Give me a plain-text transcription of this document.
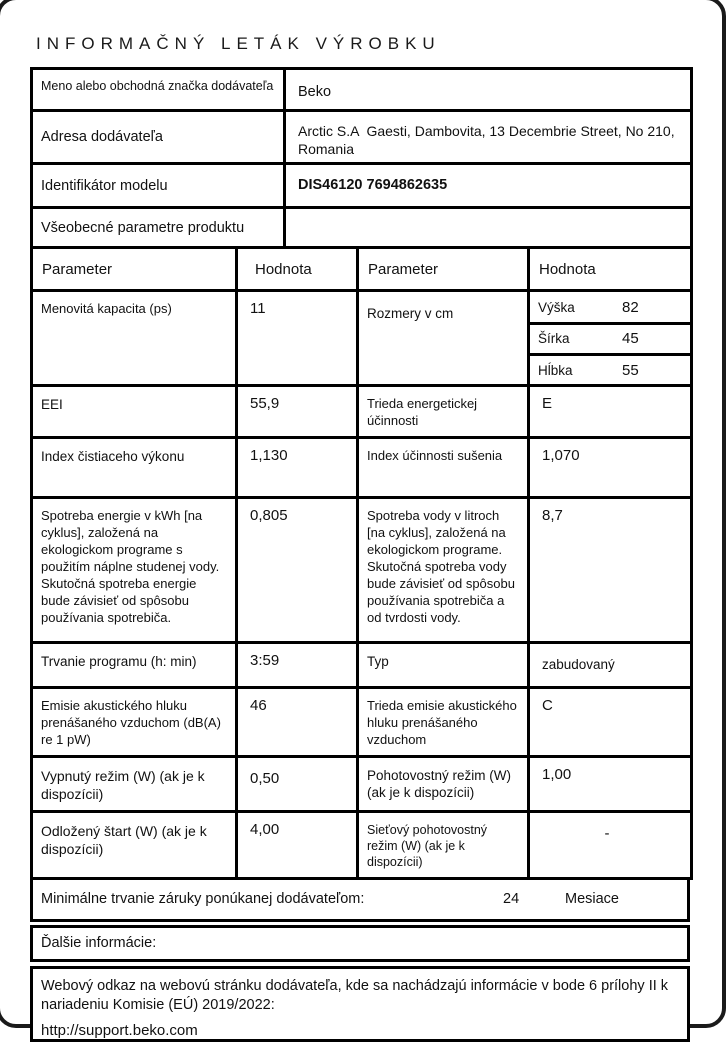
INFORMAČNÝ LETÁK VÝROBKU
Meno alebo obchodná značka dodávateľa	Beko
Adresa dodávateľa	Arctic S.A  Gaesti, Dambovita, 13 Decembrie Street, No 210, Romania
Identifikátor modelu	DIS46120 7694862635
Všeobecné parametre produktu	
Parameter	Hodnota	Parameter	Hodnota
Menovitá kapacita (ps)	11	Rozmery v cm		Výška	82

Šírka	45

Hĺbka	55

EEI	55,9	Trieda energetickej účinnosti	E
Index čistiaceho výkonu	1,130	Index účinnosti sušenia	1,070
Spotreba energie v kWh [na cyklus], založená na ekologickom programe s použitím náplne studenej vody. Skutočná spotreba energie bude závisieť od spôsobu používania spotrebiča.	0,805	Spotreba vody v litroch [na cyklus], založená na ekologickom programe. Skutočná spotreba vody bude závisieť od spôsobu používania spotrebiča a od tvrdosti vody.	8,7
Trvanie programu (h: min)	3:59	Typ	zabudovaný
Emisie akustického hluku prenášaného vzduchom (dB(A) re 1 pW)	46	Trieda emisie akustického hluku prenášaného vzduchom	C
Vypnutý režim (W) (ak je k dispozícii)	0,50	Pohotovostný režim (W) (ak je k dispozícii)	1,00
Odložený štart (W) (ak je k dispozícii)	4,00	Sieťový pohotovostný režim (W) (ak je k dispozícii)	-
Minimálne trvanie záruky ponúkanej dodávateľom:	24	Mesiace
Ďalšie informácie:
Webový odkaz na webovú stránku dodávateľa, kde sa nachádzajú informácie v bode 6 prílohy II k nariadeniu Komisie (EÚ) 2019/2022:
http://support.beko.com
